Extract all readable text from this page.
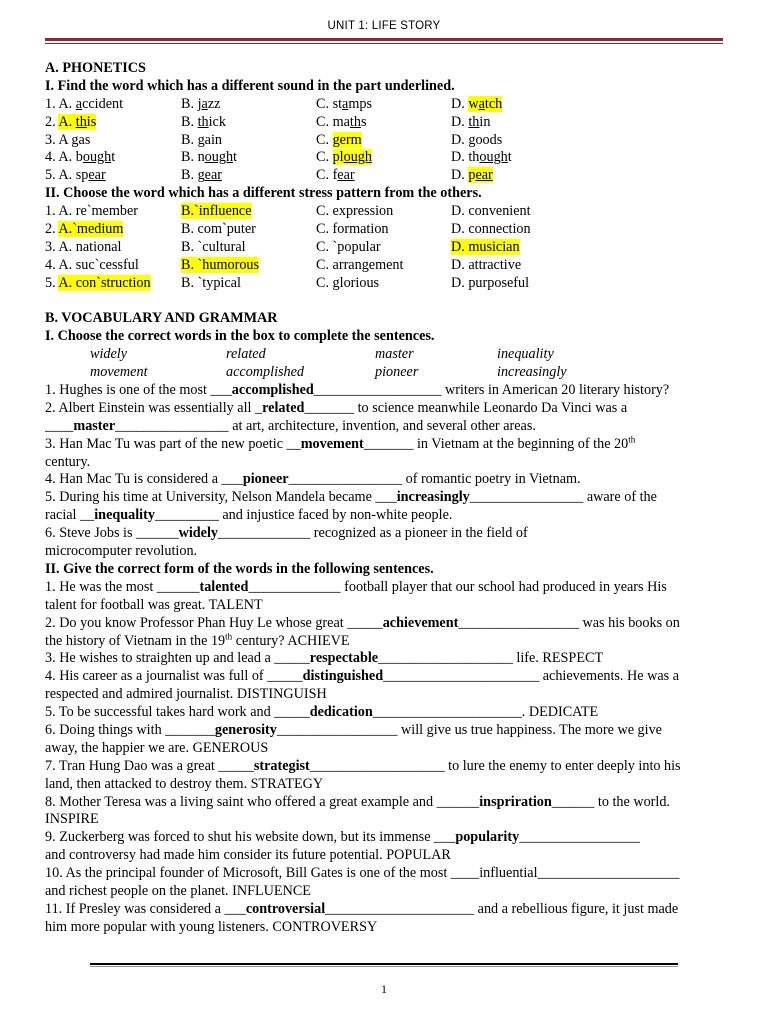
UNIT 1: LIFE STORY
A. PHONETICS
I. Find the word which has a different sound in the part underlined.
1. A. accident	B. jazz	C. stamps	D. watch
2. A. this	B. thick	C. maths	D. thin
3. A gas	B. gain	C. germ	D. goods
4. A. bought	B. nought	C. plough	D. thought
5. A. spear	B. gear	C. fear	D. pear
II. Choose the word which has a different stress pattern from the others.
1. A. re`member	B.`influence	C. expression	D. convenient
2. A.`medium	B. com`puter	C. formation	D. connection
3. A. national	B. `cultural	C. `popular	D. musician
4. A. suc`cessful	B. `humorous	C. arrangement	D. attractive
5. A. con`struction B. `typical	C. glorious	D. purposeful
B. VOCABULARY AND GRAMMAR
I. Choose the correct words in the box to complete the sentences.
widely	related	master	inequality
movement	accomplished	pioneer	increasingly
1. Hughes is one of the most ___accomplished__________________ writers in American 20 literary history?
2. Albert Einstein was essentially all _related_______ to science meanwhile Leonardo Da Vinci was a
____master________________ at art, architecture, invention, and several other areas.
3. Han Mac Tu was part of the new poetic __movement_______ in Vietnam at the beginning of the 20th
century.
4. Han Mac Tu is considered a ___pioneer________________ of romantic poetry in Vietnam.
5. During his time at University, Nelson Mandela became ___increasingly________________ aware of the
racial __inequality_________ and injustice faced by non-white people.
6. Steve Jobs is ______widely_____________ recognized as a pioneer in the field of
microcomputer revolution.
II. Give the correct form of the words in the following sentences.
1. He was the most ______talented_____________ football player that our school had produced in years His
talent for football was great. TALENT
2. Do you know Professor Phan Huy Le whose great _____achievement_________________ was his books on
the history of Vietnam in the 19th century? ACHIEVE
3. He wishes to straighten up and lead a _____respectable___________________ life. RESPECT
4. His career as a journalist was full of _____distinguished______________________ achievements. He was a
respected and admired journalist. DISTINGUISH
5. To be successful takes hard work and _____dedication_____________________. DEDICATE
6. Doing things with _______generosity_________________ will give us true happiness. The more we give
away, the happier we are. GENEROUS
7. Tran Hung Dao was a great _____strategist___________________ to lure the enemy to enter deeply into his
land, then attacked to destroy them. STRATEGY
8. Mother Teresa was a living saint who offered a great example and ______inspriration______ to the world.
INSPIRE
9. Zuckerberg was forced to shut his website down, but its immense ___popularity_________________
and controversy had made him consider its future potential. POPULAR
10. As the principal founder of Microsoft, Bill Gates is one of the most ____influential____________________
and richest people on the planet. INFLUENCE
11. If Presley was considered a ___controversial_____________________ and a rebellious figure, it just made
him more popular with young listeners. CONTROVERSY
1
